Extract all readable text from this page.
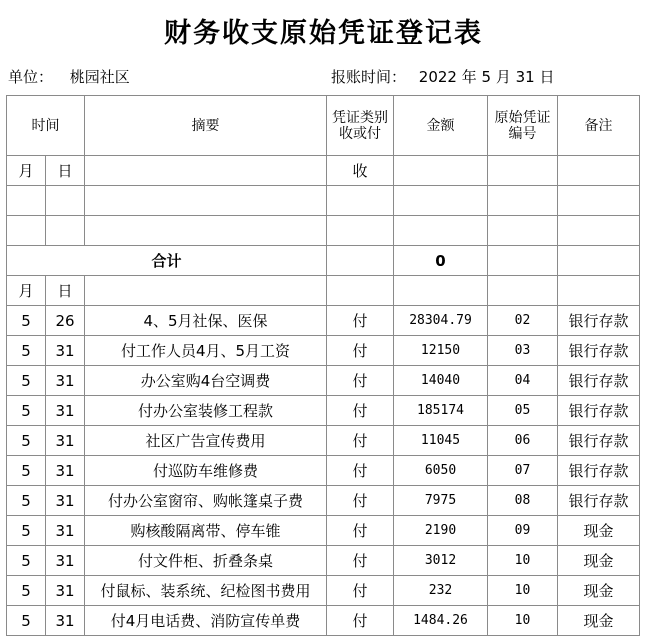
财务收支原始凭证登记表
单位： 桃园社区	报账时间： 2022 年 5 月 31 日
时间		摘要	凭证类别收或付	金额	原始凭证编号	备注
月	日		收			

合计				0		
月	日					
5	26	4、5月社保、医保	付	28304.79	02	银行存款
5	31	付工作人员4月、5月工资	付	12150	03	银行存款
5	31	办公室购4台空调费	付	14040	04	银行存款
5	31	付办公室装修工程款	付	185174	05	银行存款
5	31	社区广告宣传费用	付	11045	06	银行存款
5	31	付巡防车维修费	付	6050	07	银行存款
5	31	付办公室窗帘、购帐篷桌子费	付	7975	08	银行存款
5	31	购核酸隔离带、停车锥	付	2190	09	现金
5	31	付文件柜、折叠条桌	付	3012	10	现金
5	31	付鼠标、装系统、纪检图书费用	付	232	10	现金
5	31	付4月电话费、消防宣传单费	付	1484.26	10	现金
